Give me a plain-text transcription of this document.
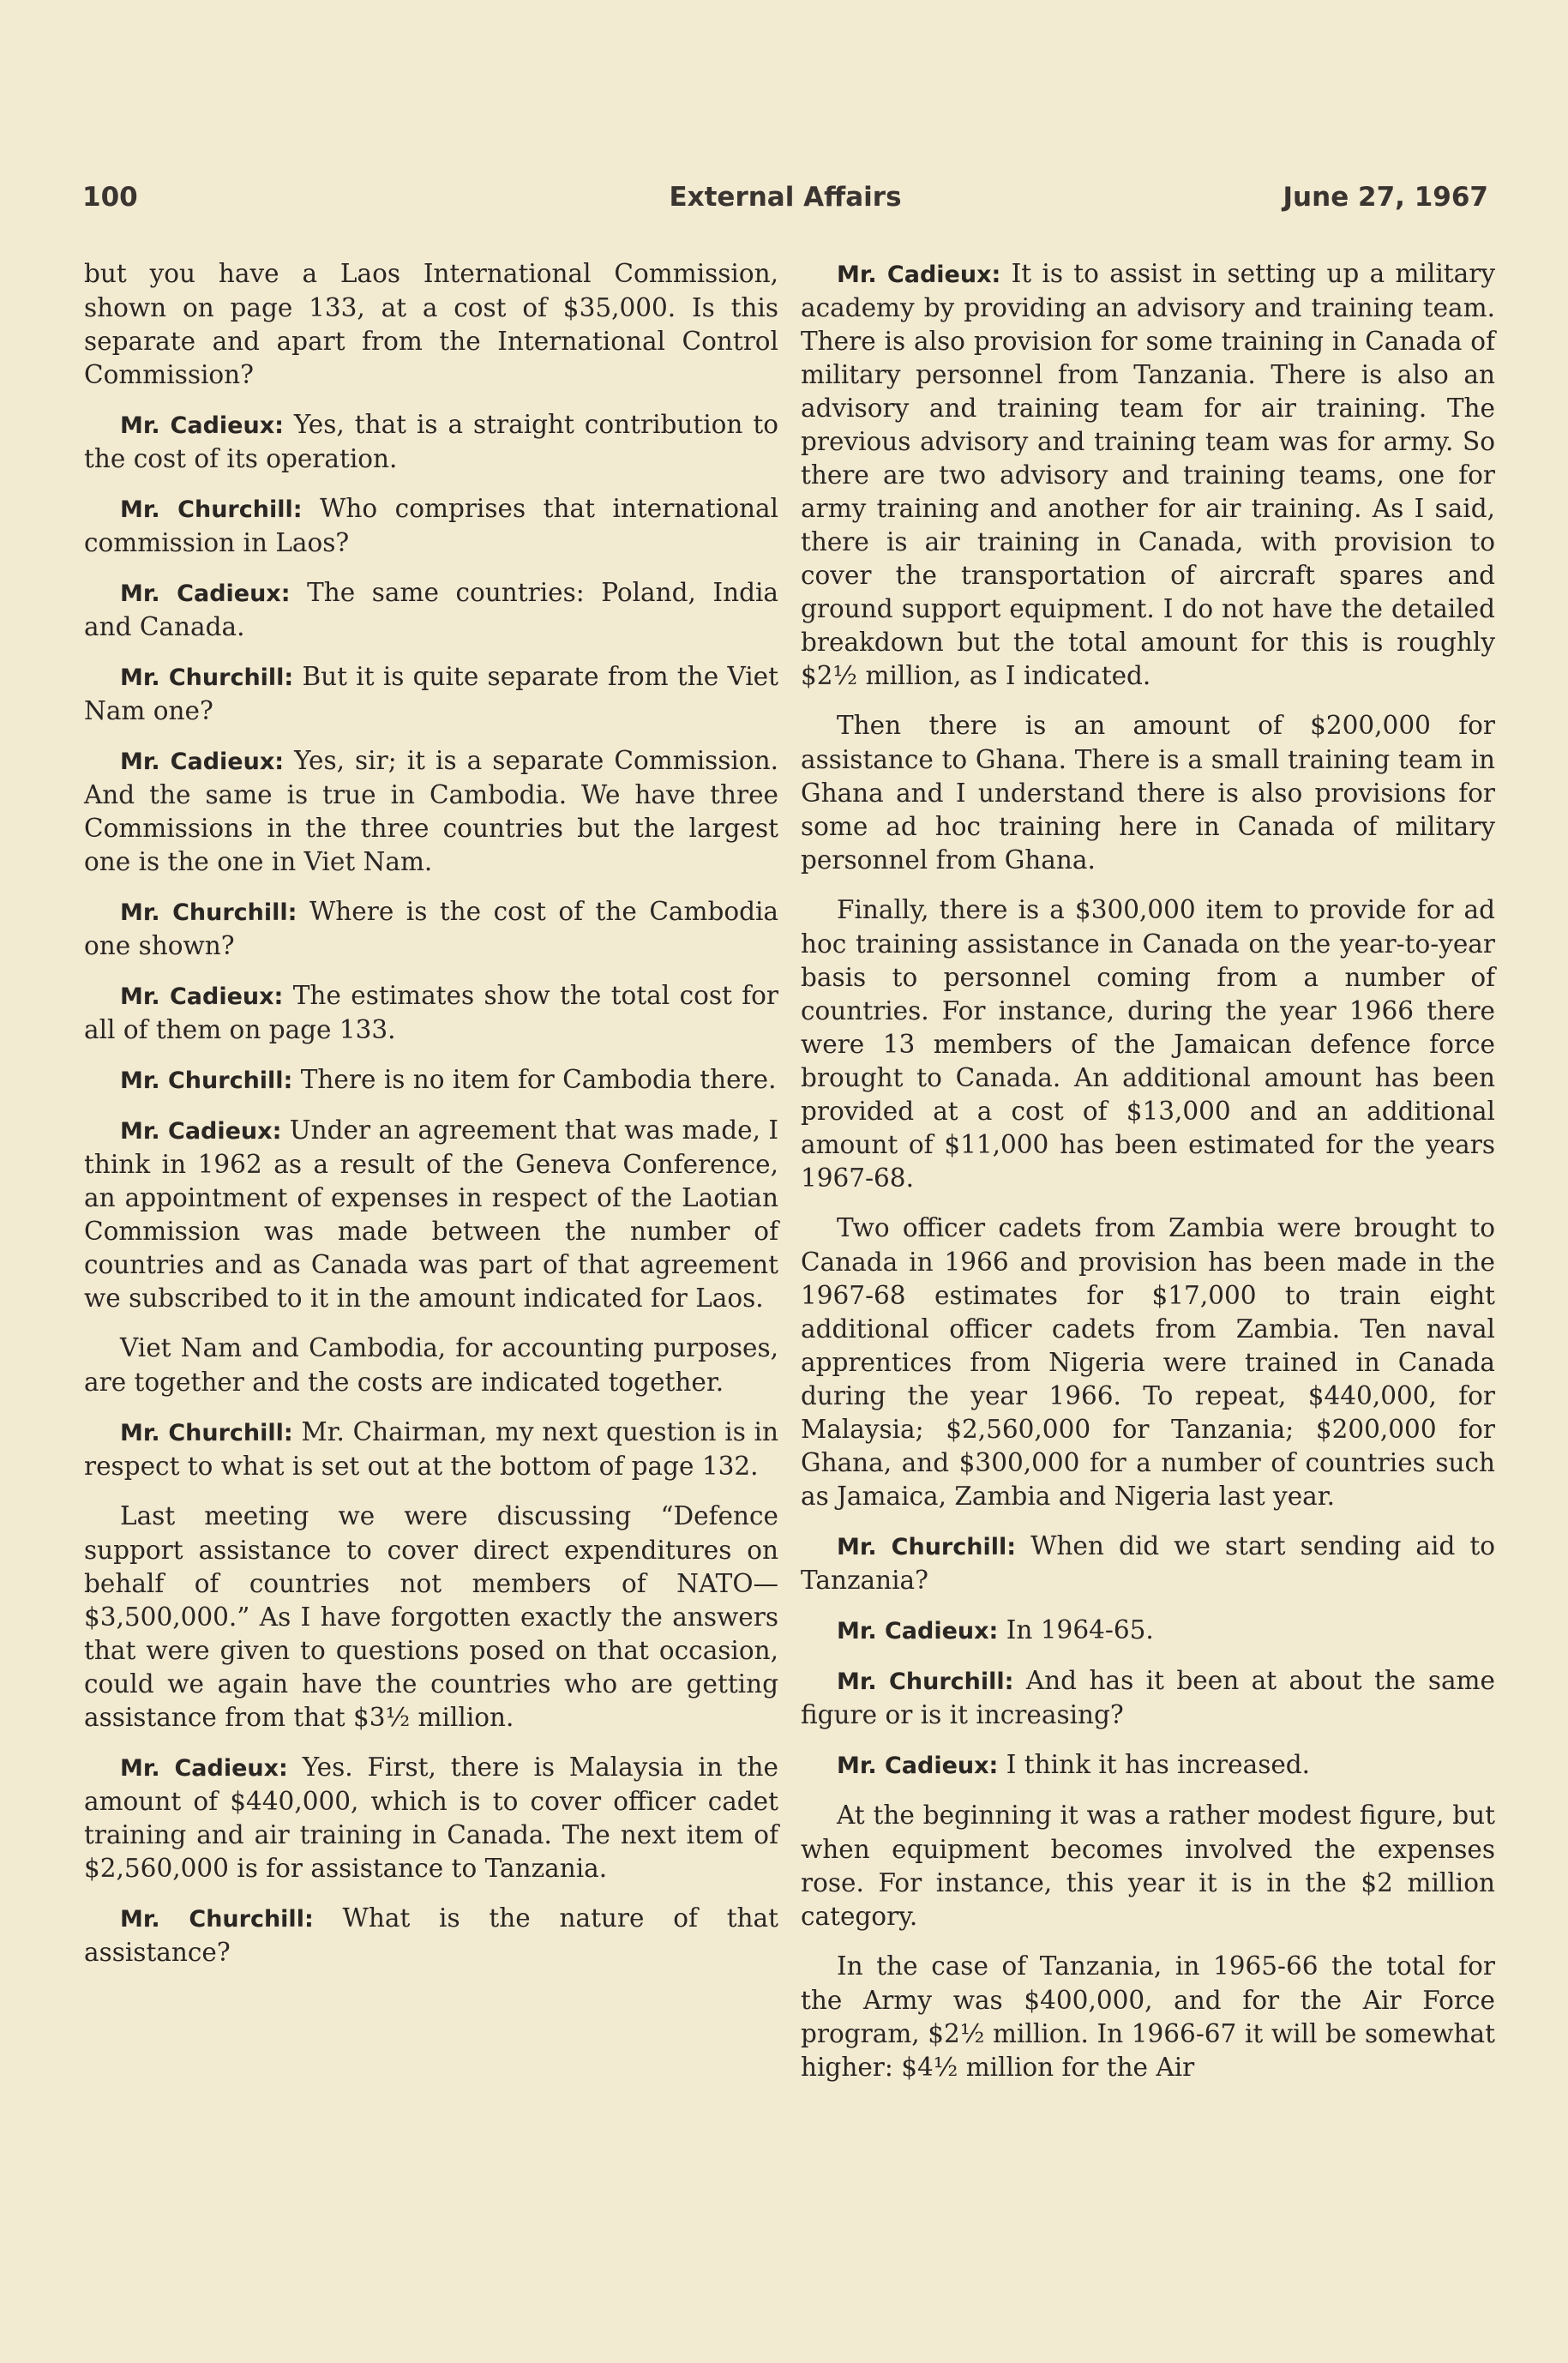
100	External Affairs	June 27, 1967

but you have a Laos International Commission, shown on page 133, at a cost of $35,000. Is this separate and apart from the International Control Commission?

Mr. Cadieux: Yes, that is a straight contribution to the cost of its operation.

Mr. Churchill: Who comprises that international commission in Laos?

Mr. Cadieux: The same countries: Poland, India and Canada.

Mr. Churchill: But it is quite separate from the Viet Nam one?

Mr. Cadieux: Yes, sir; it is a separate Commission. And the same is true in Cambodia. We have three Commissions in the three countries but the largest one is the one in Viet Nam.

Mr. Churchill: Where is the cost of the Cambodia one shown?

Mr. Cadieux: The estimates show the total cost for all of them on page 133.

Mr. Churchill: There is no item for Cambodia there.

Mr. Cadieux: Under an agreement that was made, I think in 1962 as a result of the Geneva Conference, an appointment of expenses in respect of the Laotian Commission was made between the number of countries and as Canada was part of that agreement we subscribed to it in the amount indicated for Laos.

Viet Nam and Cambodia, for accounting purposes, are together and the costs are indicated together.

Mr. Churchill: Mr. Chairman, my next question is in respect to what is set out at the bottom of page 132.

Last meeting we were discussing “Defence support assistance to cover direct expenditures on behalf of countries not members of NATO—$3,500,000.” As I have forgotten exactly the answers that were given to questions posed on that occasion, could we again have the countries who are getting assistance from that $3½ million.

Mr. Cadieux: Yes. First, there is Malaysia in the amount of $440,000, which is to cover officer cadet training and air training in Canada. The next item of $2,560,000 is for assistance to Tanzania.

Mr. Churchill: What is the nature of that assistance?

Mr. Cadieux: It is to assist in setting up a military academy by providing an advisory and training team. There is also provision for some training in Canada of military personnel from Tanzania. There is also an advisory and training team for air training. The previous advisory and training team was for army. So there are two advisory and training teams, one for army training and another for air training. As I said, there is air training in Canada, with provision to cover the transportation of aircraft spares and ground support equipment. I do not have the detailed breakdown but the total amount for this is roughly $2½ million, as I indicated.

Then there is an amount of $200,000 for assistance to Ghana. There is a small training team in Ghana and I understand there is also provisions for some ad hoc training here in Canada of military personnel from Ghana.

Finally, there is a $300,000 item to provide for ad hoc training assistance in Canada on the year-to-year basis to personnel coming from a number of countries. For instance, during the year 1966 there were 13 members of the Jamaican defence force brought to Canada. An additional amount has been provided at a cost of $13,000 and an additional amount of $11,000 has been estimated for the years 1967-68.

Two officer cadets from Zambia were brought to Canada in 1966 and provision has been made in the 1967-68 estimates for $17,000 to train eight additional officer cadets from Zambia. Ten naval apprentices from Nigeria were trained in Canada during the year 1966. To repeat, $440,000, for Malaysia; $2,560,000 for Tanzania; $200,000 for Ghana, and $300,000 for a number of countries such as Jamaica, Zambia and Nigeria last year.

Mr. Churchill: When did we start sending aid to Tanzania?

Mr. Cadieux: In 1964-65.

Mr. Churchill: And has it been at about the same figure or is it increasing?

Mr. Cadieux: I think it has increased.

At the beginning it was a rather modest figure, but when equipment becomes involved the expenses rose. For instance, this year it is in the $2 million category.

In the case of Tanzania, in 1965-66 the total for the Army was $400,000, and for the Air Force program, $2½ million. In 1966-67 it will be somewhat higher: $4½ million for the Air
